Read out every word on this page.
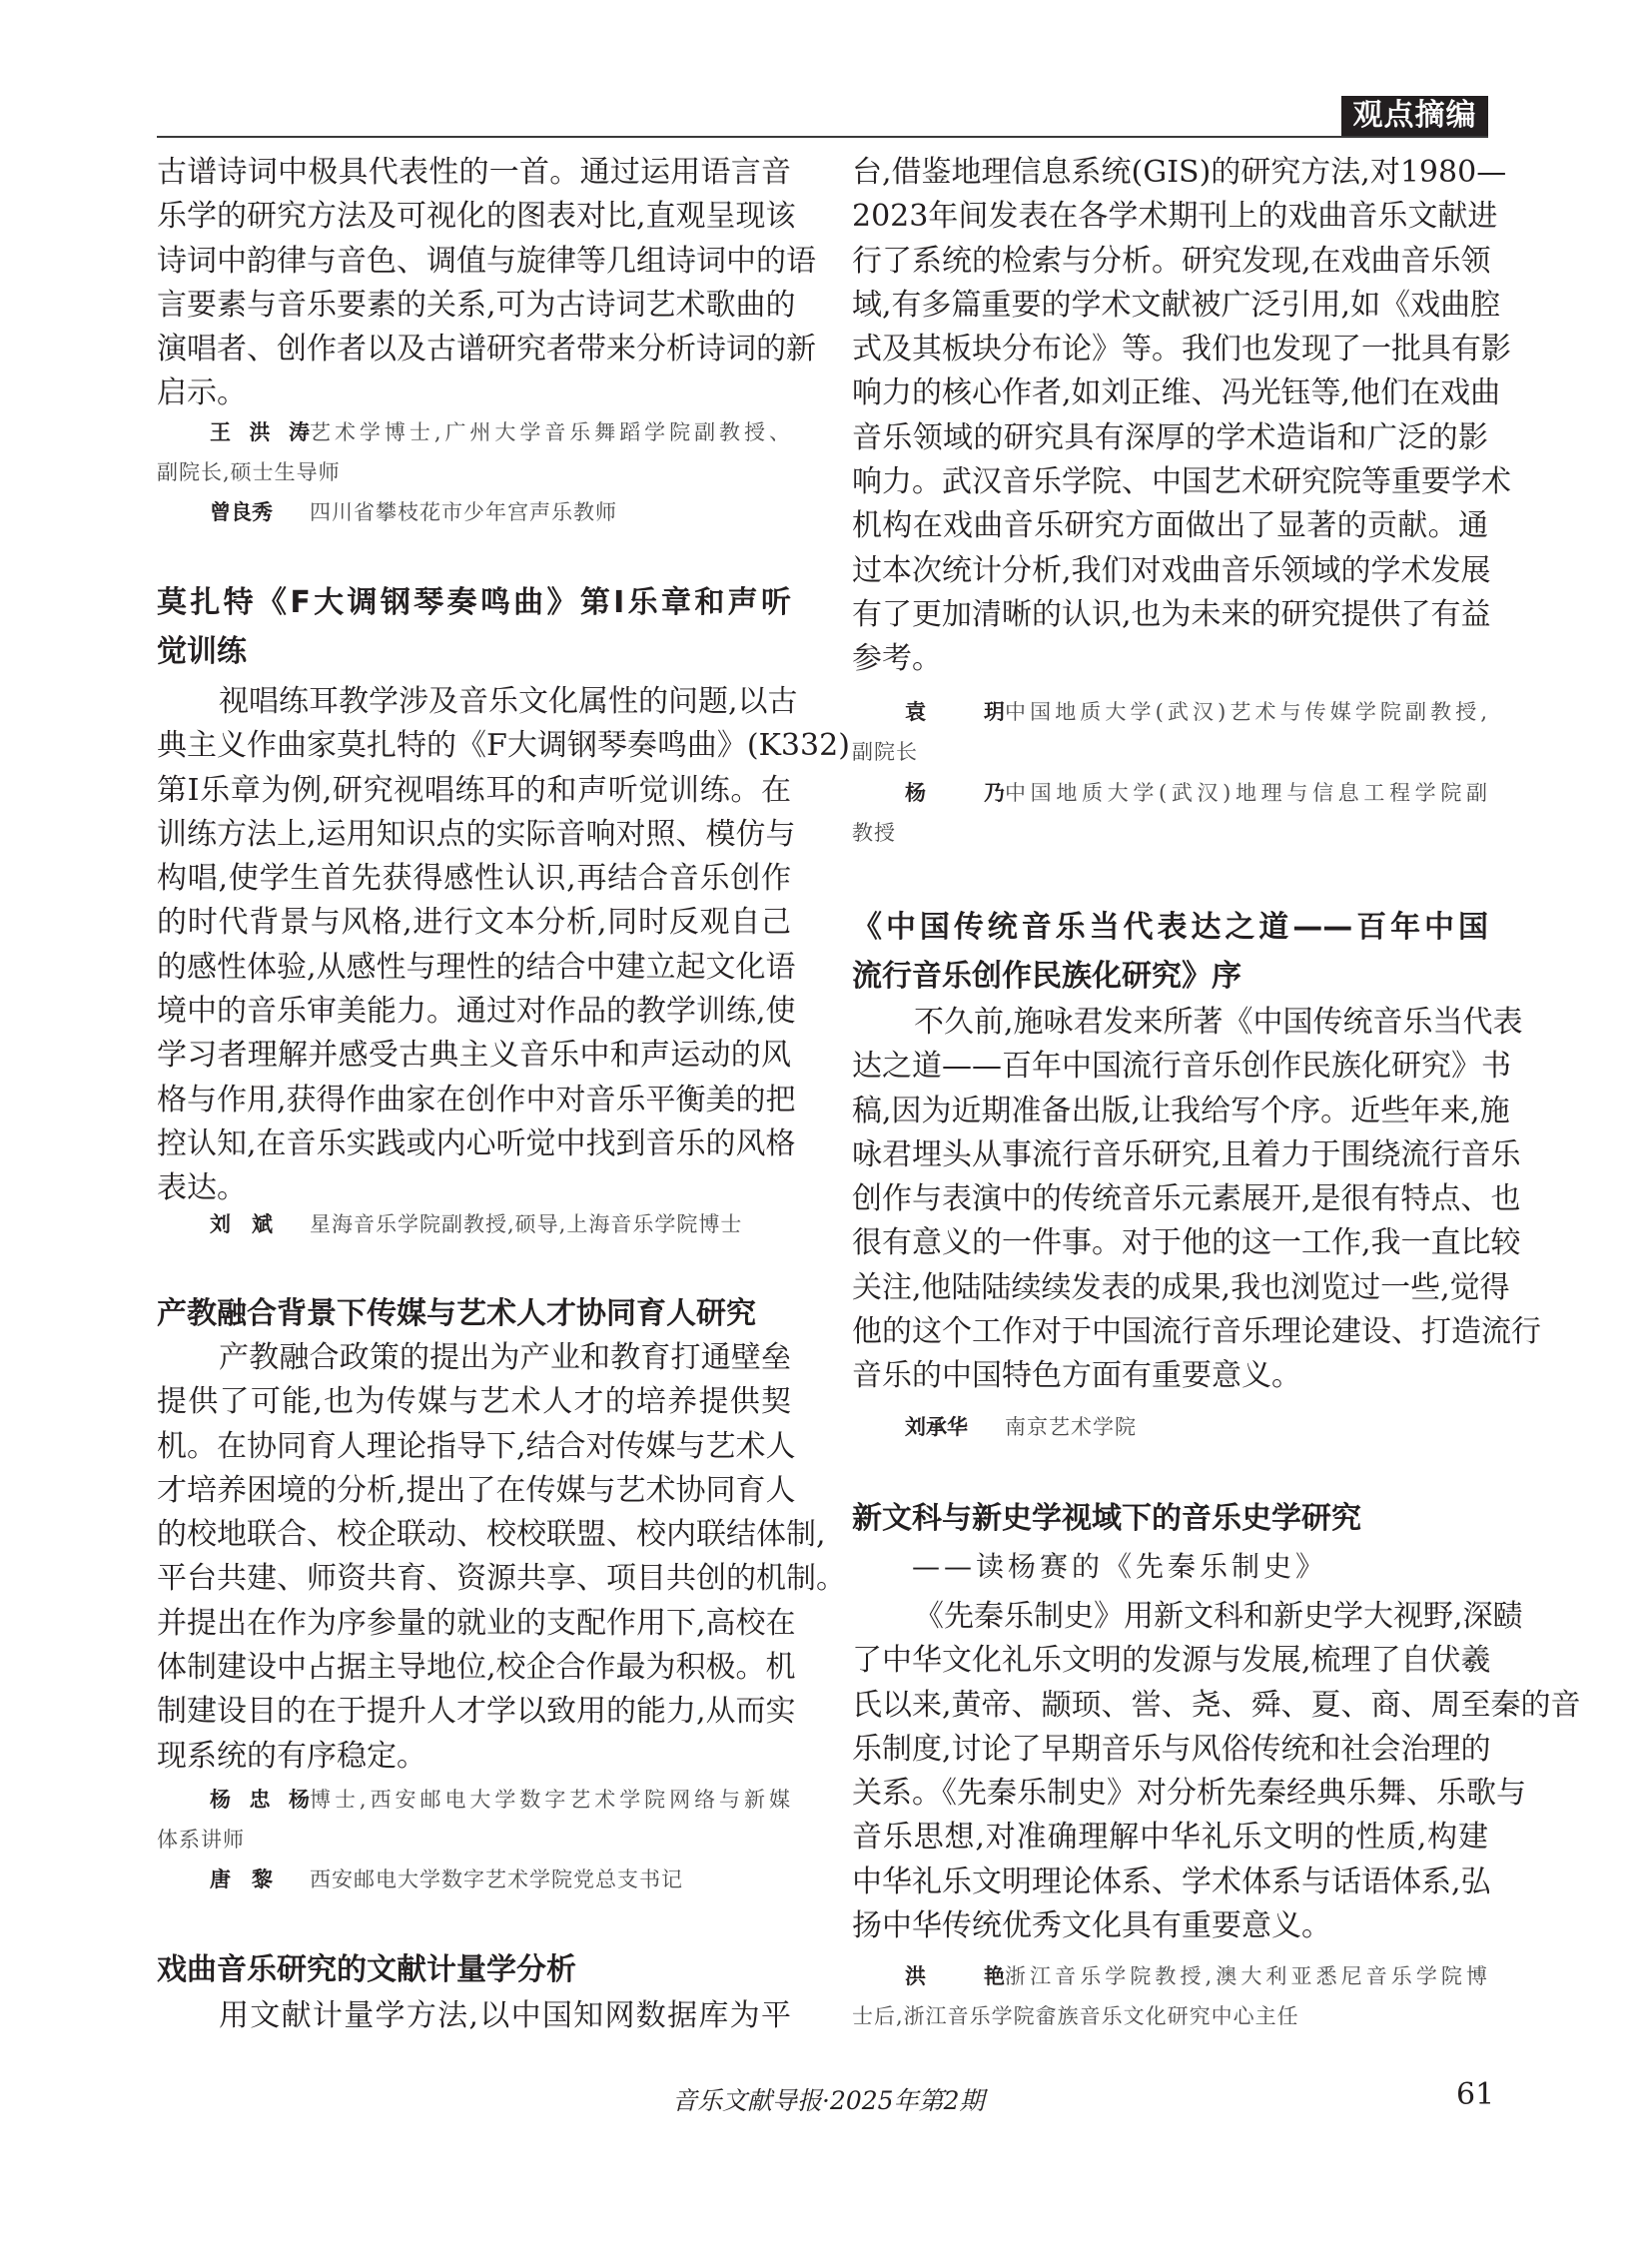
观点摘编
古谱诗词中极具代表性的一首。通过运用语言音
乐学的研究方法及可视化的图表对比,直观呈现该
诗词中韵律与音色、调值与旋律等几组诗词中的语
言要素与音乐要素的关系,可为古诗词艺术歌曲的
演唱者、创作者以及古谱研究者带来分析诗词的新
启示。
王洪涛艺术学博士,广州大学音乐舞蹈学院副教授、
副院长,硕士生导师
曾良秀 四川省攀枝花市少年宫声乐教师
莫扎特《F大调钢琴奏鸣曲》第Ⅰ乐章和声听
觉训练
视唱练耳教学涉及音乐文化属性的问题,以古
典主义作曲家莫扎特的《F大调钢琴奏鸣曲》(K332)
第Ⅰ乐章为例,研究视唱练耳的和声听觉训练。在
训练方法上,运用知识点的实际音响对照、模仿与
构唱,使学生首先获得感性认识,再结合音乐创作
的时代背景与风格,进行文本分析,同时反观自己
的感性体验,从感性与理性的结合中建立起文化语
境中的音乐审美能力。通过对作品的教学训练,使
学习者理解并感受古典主义音乐中和声运动的风
格与作用,获得作曲家在创作中对音乐平衡美的把
控认知,在音乐实践或内心听觉中找到音乐的风格
表达。
刘　斌 星海音乐学院副教授,硕导,上海音乐学院博士
产教融合背景下传媒与艺术人才协同育人研究
产教融合政策的提出为产业和教育打通壁垒
提供了可能,也为传媒与艺术人才的培养提供契
机。在协同育人理论指导下,结合对传媒与艺术人
才培养困境的分析,提出了在传媒与艺术协同育人
的校地联合、校企联动、校校联盟、校内联结体制,
平台共建、师资共育、资源共享、项目共创的机制。
并提出在作为序参量的就业的支配作用下,高校在
体制建设中占据主导地位,校企合作最为积极。机
制建设目的在于提升人才学以致用的能力,从而实
现系统的有序稳定。
杨忠杨博士,西安邮电大学数字艺术学院网络与新媒
体系讲师
唐　黎 西安邮电大学数字艺术学院党总支书记
戏曲音乐研究的文献计量学分析
用文献计量学方法,以中国知网数据库为平
台,借鉴地理信息系统(GIS)的研究方法,对1980—
2023年间发表在各学术期刊上的戏曲音乐文献进
行了系统的检索与分析。研究发现,在戏曲音乐领
域,有多篇重要的学术文献被广泛引用,如《戏曲腔
式及其板块分布论》等。我们也发现了一批具有影
响力的核心作者,如刘正维、冯光钰等,他们在戏曲
音乐领域的研究具有深厚的学术造诣和广泛的影
响力。武汉音乐学院、中国艺术研究院等重要学术
机构在戏曲音乐研究方面做出了显著的贡献。通
过本次统计分析,我们对戏曲音乐领域的学术发展
有了更加清晰的认识,也为未来的研究提供了有益
参考。
袁　玥中国地质大学(武汉)艺术与传媒学院副教授,
副院长
杨　乃中国地质大学(武汉)地理与信息工程学院副
教授
《中国传统音乐当代表达之道——百年中国
流行音乐创作民族化研究》序
不久前,施咏君发来所著《中国传统音乐当代表
达之道——百年中国流行音乐创作民族化研究》书
稿,因为近期准备出版,让我给写个序。近些年来,施
咏君埋头从事流行音乐研究,且着力于围绕流行音乐
创作与表演中的传统音乐元素展开,是很有特点、也
很有意义的一件事。对于他的这一工作,我一直比较
关注,他陆陆续续发表的成果,我也浏览过一些,觉得
他的这个工作对于中国流行音乐理论建设、打造流行
音乐的中国特色方面有重要意义。
刘承华 南京艺术学院
新文科与新史学视域下的音乐史学研究
——读杨赛的《先秦乐制史》
《先秦乐制史》用新文科和新史学大视野,深赜
了中华文化礼乐文明的发源与发展,梳理了自伏羲
氏以来,黄帝、颛顼、喾、尧、舜、夏、商、周至秦的音
乐制度,讨论了早期音乐与风俗传统和社会治理的
关系。《先秦乐制史》对分析先秦经典乐舞、乐歌与
音乐思想,对准确理解中华礼乐文明的性质,构建
中华礼乐文明理论体系、学术体系与话语体系,弘
扬中华传统优秀文化具有重要意义。
洪　艳浙江音乐学院教授,澳大利亚悉尼音乐学院博
士后,浙江音乐学院畲族音乐文化研究中心主任
音乐文献导报·2025年第2期	61
